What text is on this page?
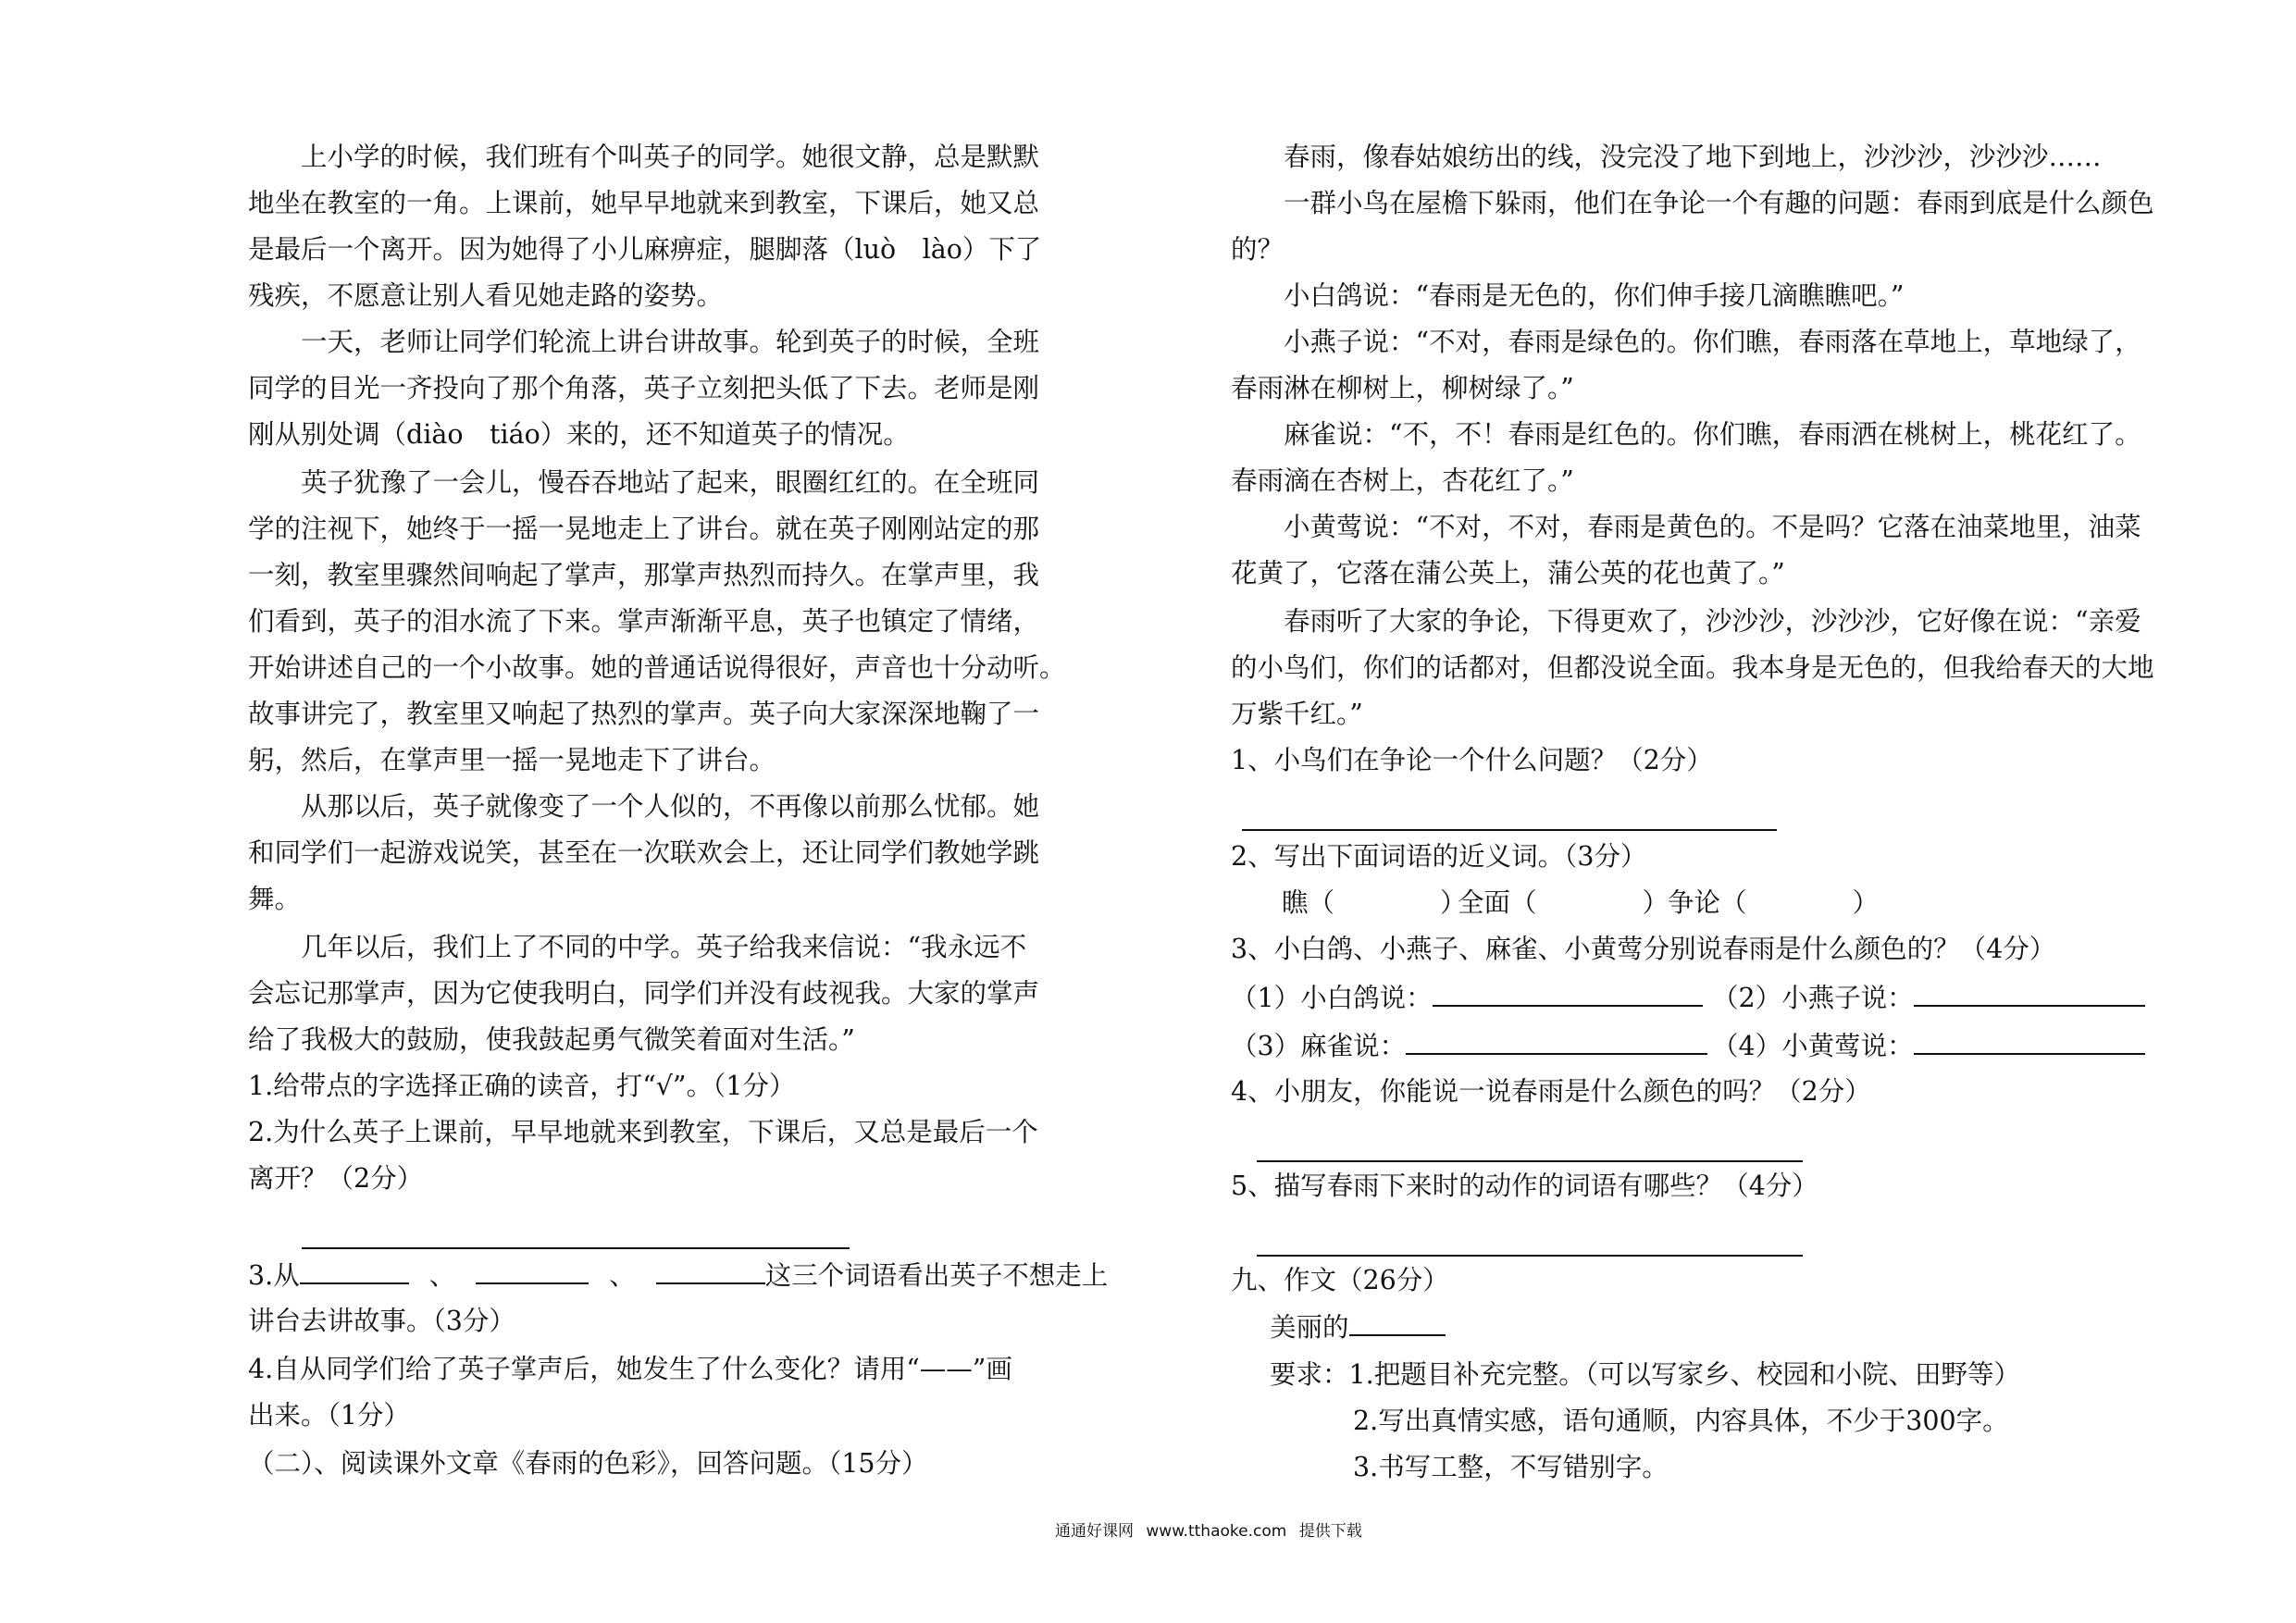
　　上小学的时候，我们班有个叫英子的同学。她很文静，总是默默
地坐在教室的一角。上课前，她早早地就来到教室，下课后，她又总
是最后一个离开。因为她得了小儿麻痹症，腿脚落（luò　lào）下了
残疾，不愿意让别人看见她走路的姿势。
　　一天，老师让同学们轮流上讲台讲故事。轮到英子的时候，全班
同学的目光一齐投向了那个角落，英子立刻把头低了下去。老师是刚
刚从别处调（diào　tiáo）来的，还不知道英子的情况。
　　英子犹豫了一会儿，慢吞吞地站了起来，眼圈红红的。在全班同
学的注视下，她终于一摇一晃地走上了讲台。就在英子刚刚站定的那
一刻，教室里骤然间响起了掌声，那掌声热烈而持久。在掌声里，我
们看到，英子的泪水流了下来。掌声渐渐平息，英子也镇定了情绪，
开始讲述自己的一个小故事。她的普通话说得很好，声音也十分动听。
故事讲完了，教室里又响起了热烈的掌声。英子向大家深深地鞠了一
躬，然后，在掌声里一摇一晃地走下了讲台。
　　从那以后，英子就像变了一个人似的，不再像以前那么忧郁。她
和同学们一起游戏说笑，甚至在一次联欢会上，还让同学们教她学跳
舞。
　　几年以后，我们上了不同的中学。英子给我来信说：“我永远不
会忘记那掌声，因为它使我明白，同学们并没有歧视我。大家的掌声
给了我极大的鼓励，使我鼓起勇气微笑着面对生活。”
1.给带点的字选择正确的读音，打“√”。（1分）
2.为什么英子上课前，早早地就来到教室，下课后，又总是最后一个
离开？（2分）
3.从	、	、	这三个词语看出英子不想走上
讲台去讲故事。（3分）
4.自从同学们给了英子掌声后，她发生了什么变化？请用“——”画
出来。（1分）
（二）、阅读课外文章《春雨的色彩》，回答问题。（15分）
　　春雨，像春姑娘纺出的线，没完没了地下到地上，沙沙沙，沙沙沙……
　　一群小鸟在屋檐下躲雨，他们在争论一个有趣的问题：春雨到底是什么颜色
的？
　　小白鸽说：“春雨是无色的，你们伸手接几滴瞧瞧吧。”
　　小燕子说：“不对，春雨是绿色的。你们瞧，春雨落在草地上，草地绿了，
春雨淋在柳树上，柳树绿了。”
　　麻雀说：“不，不！春雨是红色的。你们瞧，春雨洒在桃树上，桃花红了。
春雨滴在杏树上，杏花红了。”
　　小黄莺说：“不对，不对，春雨是黄色的。不是吗？它落在油菜地里，油菜
花黄了，它落在蒲公英上，蒲公英的花也黄了。”
　　春雨听了大家的争论，下得更欢了，沙沙沙，沙沙沙，它好像在说：“亲爱
的小鸟们，你们的话都对，但都没说全面。我本身是无色的，但我给春天的大地
万紫千红。”
1、小鸟们在争论一个什么问题？（2分）
2、写出下面词语的近义词。（3分）
瞧（　　　　）
全面（　　　　）
争论（　　　　）
3、小白鸽、小燕子、麻雀、小黄莺分别说春雨是什么颜色的？（4分）
（1）小白鸽说：	（2）小燕子说：
（3）麻雀说：	（4）小黄莺说：
4、小朋友，你能说一说春雨是什么颜色的吗？（2分）
5、描写春雨下来时的动作的词语有哪些？（4分）
九、作文（26分）
美丽的
要求：1.把题目补充完整。（可以写家乡、校园和小院、田野等）
2.写出真情实感，语句通顺，内容具体，不少于300字。
3.书写工整，不写错别字。
通通好课网 www.tthaoke.com 提供下载
